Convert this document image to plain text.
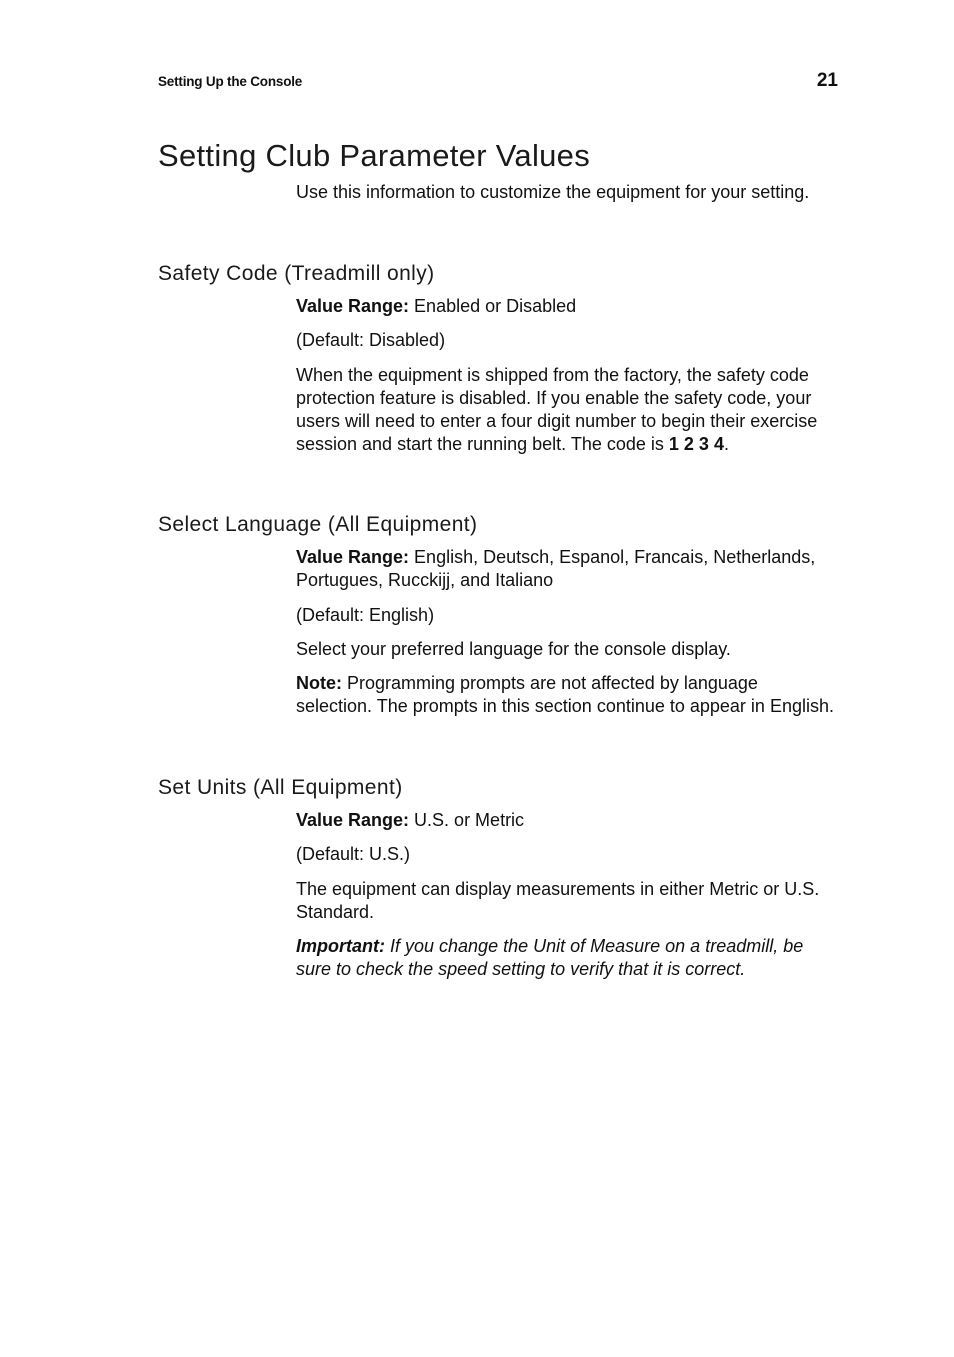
Setting Up the Console	21
Setting Club Parameter Values

Use this information to customize the equipment for your setting.

Safety Code (Treadmill only)

Value Range: Enabled or Disabled

(Default: Disabled)

When the equipment is shipped from the factory, the safety code protection feature is disabled. If you enable the safety code, your users will need to enter a four digit number to begin their exercise session and start the running belt. The code is 1 2 3 4.

Select Language (All Equipment)

Value Range: English, Deutsch, Espanol, Francais, Netherlands, Portugues, Rucckijj, and Italiano

(Default: English)

Select your preferred language for the console display.

Note: Programming prompts are not affected by language selection. The prompts in this section continue to appear in English.

Set Units (All Equipment)

Value Range: U.S. or Metric

(Default: U.S.)

The equipment can display measurements in either Metric or U.S. Standard.

Important: If you change the Unit of Measure on a treadmill, be sure to check the speed setting to verify that it is correct.
